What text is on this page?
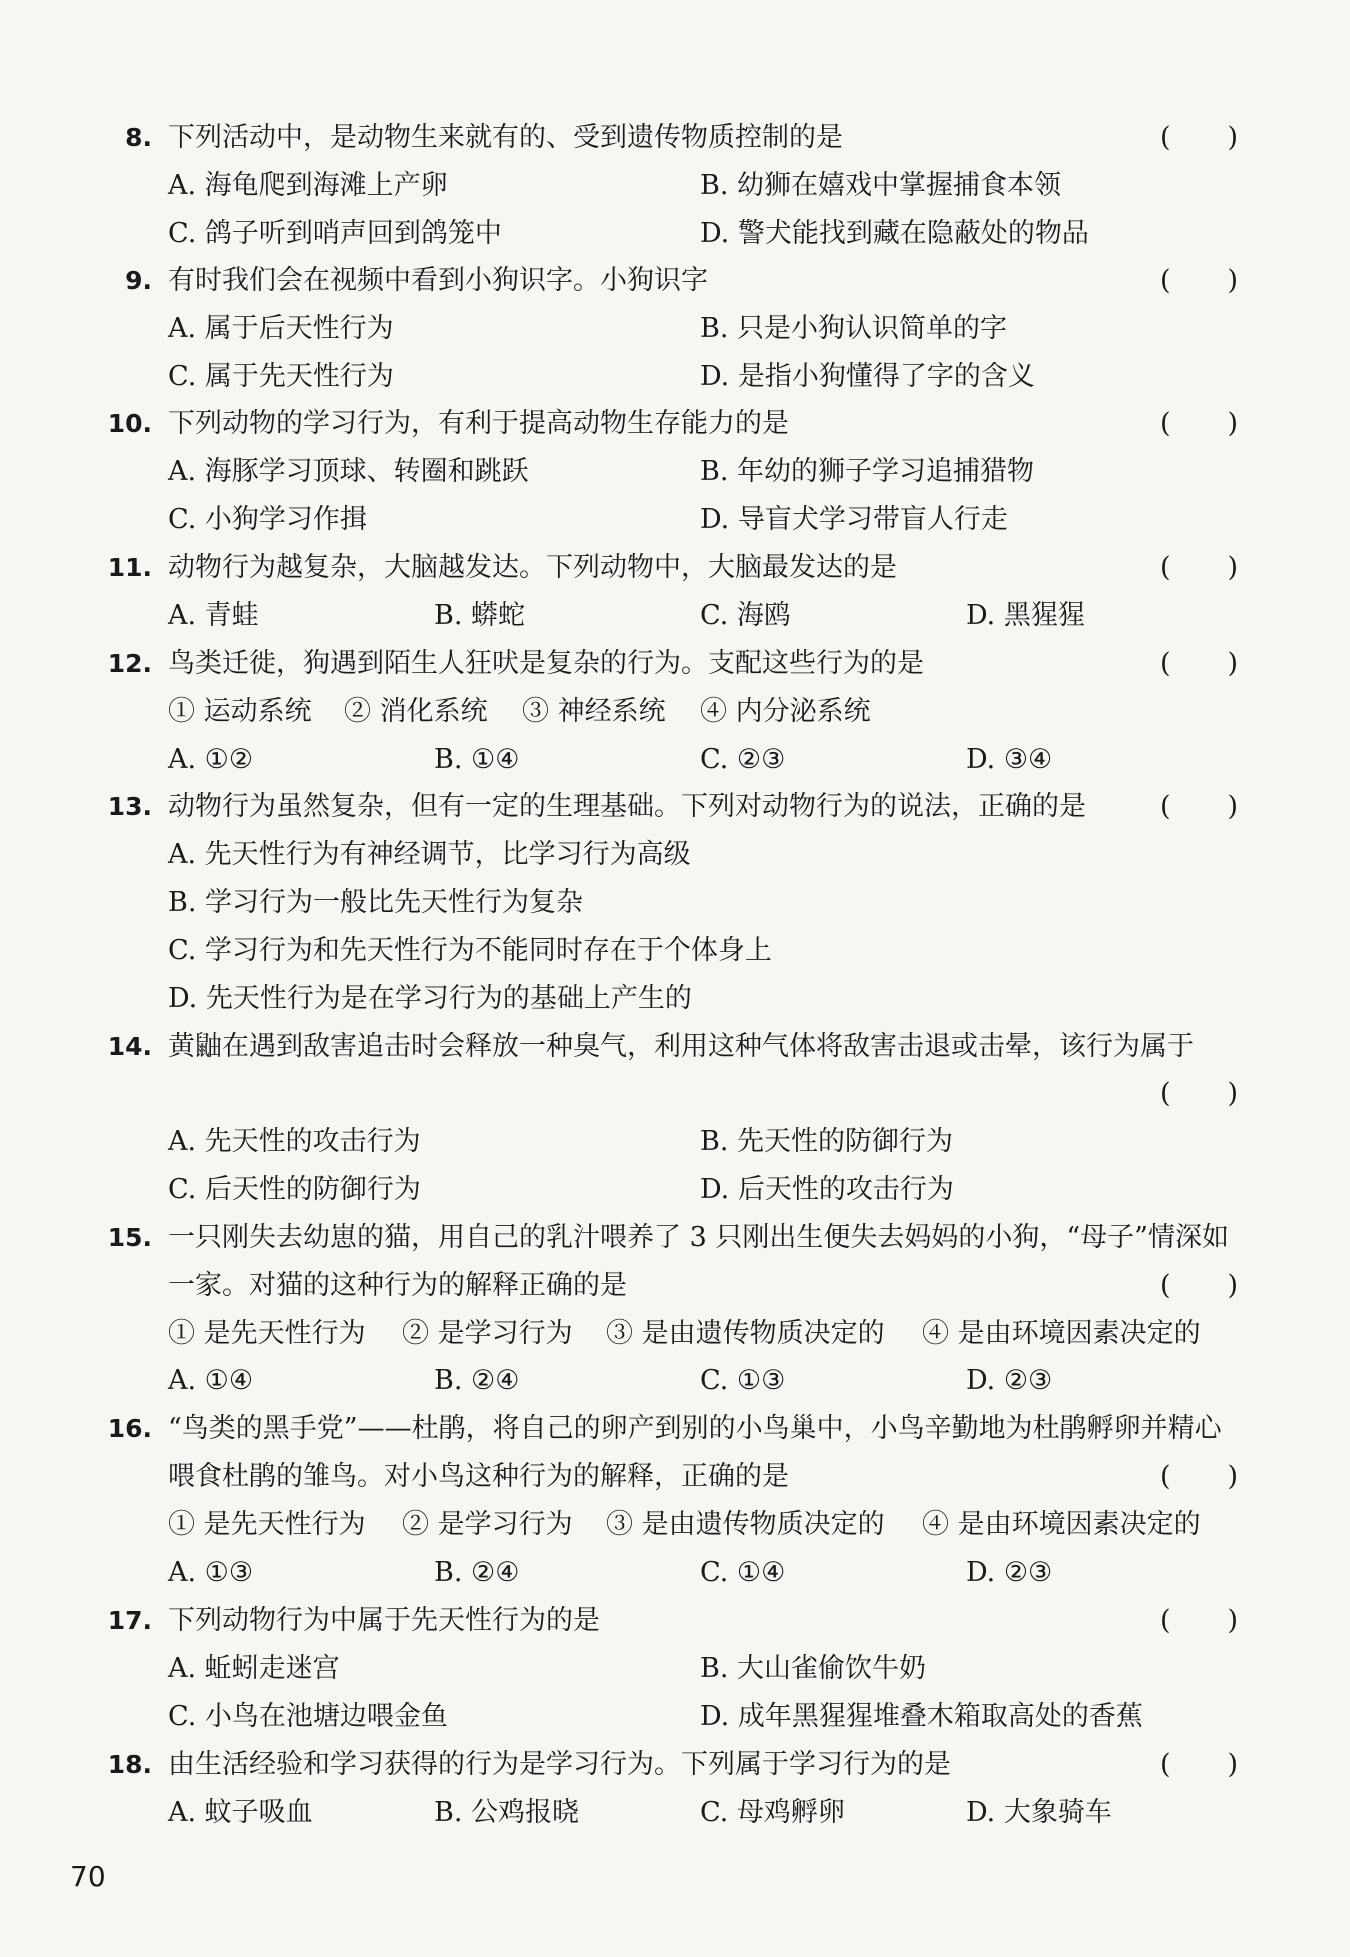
8. 下列活动中，是动物生来就有的、受到遗传物质控制的是	( )
A. 海龟爬到海滩上产卵	B. 幼狮在嬉戏中掌握捕食本领
C. 鸽子听到哨声回到鸽笼中	D. 警犬能找到藏在隐蔽处的物品
9. 有时我们会在视频中看到小狗识字。小狗识字	( )
A. 属于后天性行为	B. 只是小狗认识简单的字
C. 属于先天性行为	D. 是指小狗懂得了字的含义
10. 下列动物的学习行为，有利于提高动物生存能力的是	( )
A. 海豚学习顶球、转圈和跳跃	B. 年幼的狮子学习追捕猎物
C. 小狗学习作揖	D. 导盲犬学习带盲人行走
11. 动物行为越复杂，大脑越发达。下列动物中，大脑最发达的是	( )
A. 青蛙	B. 蟒蛇	C. 海鸥	D. 黑猩猩
12. 鸟类迁徙，狗遇到陌生人狂吠是复杂的行为。支配这些行为的是	( )
① 运动系统 ② 消化系统 ③ 神经系统 ④ 内分泌系统
A. ①②	B. ①④	C. ②③	D. ③④
13. 动物行为虽然复杂，但有一定的生理基础。下列对动物行为的说法，正确的是	( )
A. 先天性行为有神经调节，比学习行为高级
B. 学习行为一般比先天性行为复杂
C. 学习行为和先天性行为不能同时存在于个体身上
D. 先天性行为是在学习行为的基础上产生的
14. 黄鼬在遇到敌害追击时会释放一种臭气，利用这种气体将敌害击退或击晕，该行为属于
( )
A. 先天性的攻击行为	B. 先天性的防御行为
C. 后天性的防御行为	D. 后天性的攻击行为
15. 一只刚失去幼崽的猫，用自己的乳汁喂养了 3 只刚出生便失去妈妈的小狗，“母子”情深如
一家。对猫的这种行为的解释正确的是	( )
① 是先天性行为 ② 是学习行为 ③ 是由遗传物质决定的 ④ 是由环境因素决定的
A. ①④	B. ②④	C. ①③	D. ②③
16. “鸟类的黑手党”——杜鹃，将自己的卵产到别的小鸟巢中，小鸟辛勤地为杜鹃孵卵并精心
喂食杜鹃的雏鸟。对小鸟这种行为的解释，正确的是	( )
① 是先天性行为 ② 是学习行为 ③ 是由遗传物质决定的 ④ 是由环境因素决定的
A. ①③	B. ②④	C. ①④	D. ②③
17. 下列动物行为中属于先天性行为的是	( )
A. 蚯蚓走迷宫	B. 大山雀偷饮牛奶
C. 小鸟在池塘边喂金鱼	D. 成年黑猩猩堆叠木箱取高处的香蕉
18. 由生活经验和学习获得的行为是学习行为。下列属于学习行为的是	( )
A. 蚊子吸血	B. 公鸡报晓	C. 母鸡孵卵	D. 大象骑车
70
